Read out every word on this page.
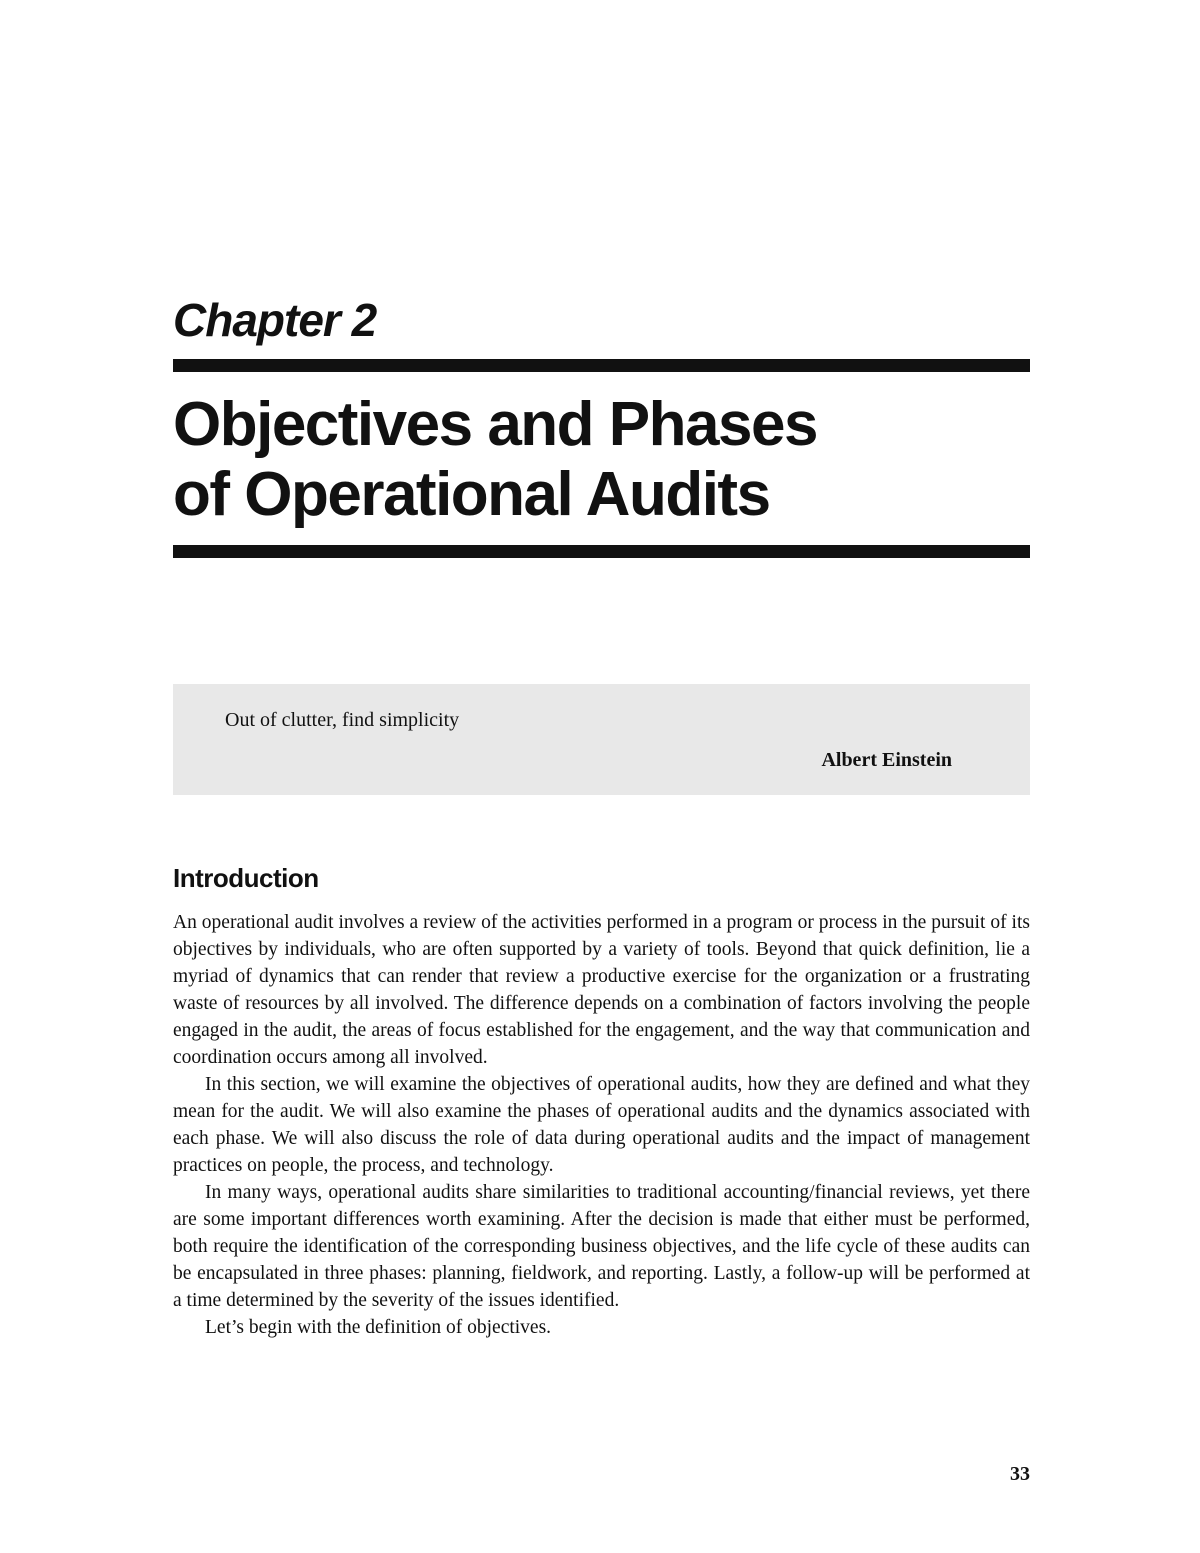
Chapter 2
Objectives and Phases
of Operational Audits

Out of clutter, find simplicity

Albert Einstein

Introduction

An operational audit involves a review of the activities performed in a program or process in the pursuit of its objectives by individuals, who are often supported by a variety of tools. Beyond that quick definition, lie a myriad of dynamics that can render that review a productive exercise for the organization or a frustrating waste of resources by all involved. The difference depends on a combination of factors involving the people engaged in the audit, the areas of focus established for the engagement, and the way that communication and coordination occurs among all involved.

In this section, we will examine the objectives of operational audits, how they are defined and what they mean for the audit. We will also examine the phases of operational audits and the dynamics associated with each phase. We will also discuss the role of data during operational audits and the impact of management practices on people, the process, and technology.

In many ways, operational audits share similarities to traditional accounting/financial reviews, yet there are some important differences worth examining. After the decision is made that either must be performed, both require the identification of the corresponding business objectives, and the life cycle of these audits can be encapsulated in three phases: planning, fieldwork, and reporting. Lastly, a follow-up will be performed at a time determined by the severity of the issues identified.

Let’s begin with the definition of objectives.

33
